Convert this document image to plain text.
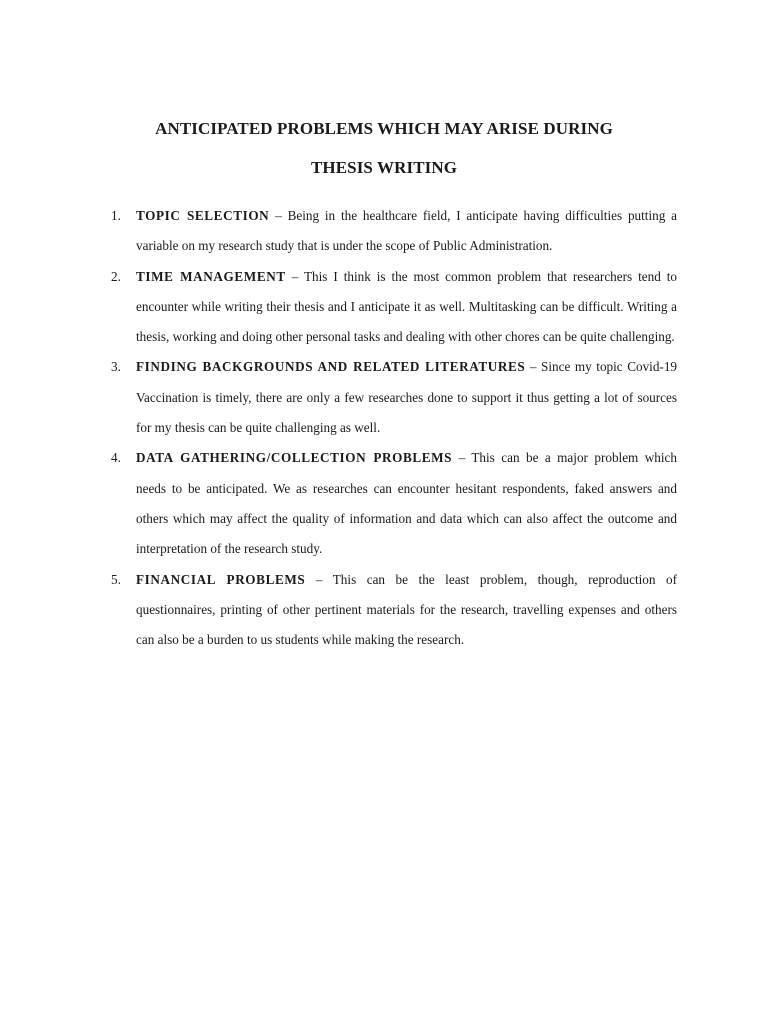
ANTICIPATED PROBLEMS WHICH MAY ARISE DURING
THESIS WRITING
1. TOPIC SELECTION – Being in the healthcare field, I anticipate having difficulties putting a variable on my research study that is under the scope of Public Administration.
2. TIME MANAGEMENT – This I think is the most common problem that researchers tend to encounter while writing their thesis and I anticipate it as well. Multitasking can be difficult. Writing a thesis, working and doing other personal tasks and dealing with other chores can be quite challenging.
3. FINDING BACKGROUNDS AND RELATED LITERATURES – Since my topic Covid-19 Vaccination is timely, there are only a few researches done to support it thus getting a lot of sources for my thesis can be quite challenging as well.
4. DATA GATHERING/COLLECTION PROBLEMS – This can be a major problem which needs to be anticipated. We as researches can encounter hesitant respondents, faked answers and others which may affect the quality of information and data which can also affect the outcome and interpretation of the research study.
5. FINANCIAL PROBLEMS – This can be the least problem, though, reproduction of questionnaires, printing of other pertinent materials for the research, travelling expenses and others can also be a burden to us students while making the research.
